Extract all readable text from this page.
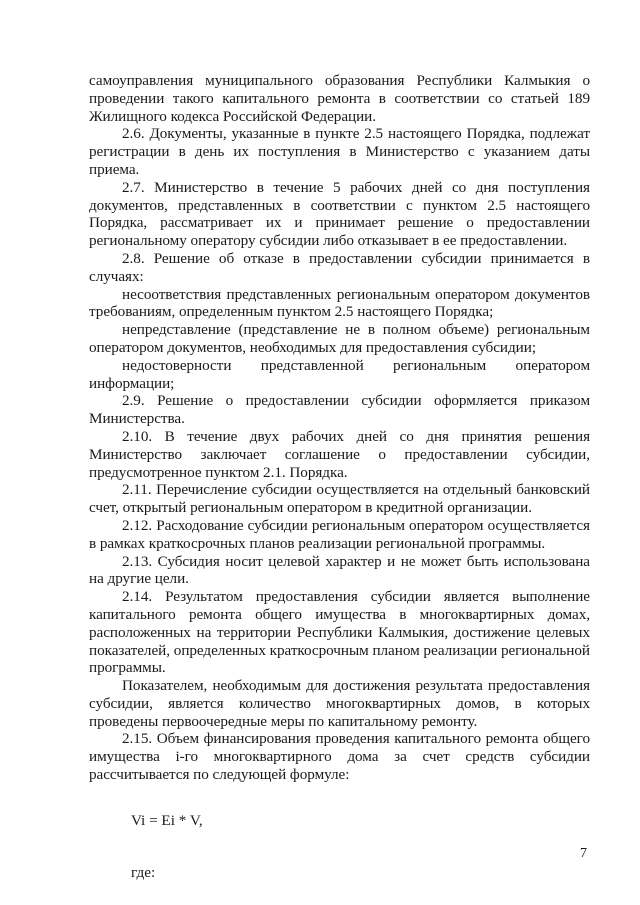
самоуправления муниципального образования Республики Калмыкия о проведении такого капитального ремонта в соответствии со статьей 189 Жилищного кодекса Российской Федерации.

2.6. Документы, указанные в пункте 2.5 настоящего Порядка, подлежат регистрации в день их поступления в Министерство с указанием даты приема.

2.7. Министерство в течение 5 рабочих дней со дня поступления документов, представленных в соответствии с пунктом 2.5 настоящего Порядка, рассматривает их и принимает решение о предоставлении региональному оператору субсидии либо отказывает в ее предоставлении.

2.8. Решение об отказе в предоставлении субсидии принимается в случаях:

несоответствия представленных региональным оператором документов требованиям, определенным пунктом 2.5 настоящего Порядка;

непредставление (представление не в полном объеме) региональным оператором документов, необходимых для предоставления субсидии;

недостоверности представленной региональным оператором информации;

2.9. Решение о предоставлении субсидии оформляется приказом Министерства.

2.10. В течение двух рабочих дней со дня принятия решения Министерство заключает соглашение о предоставлении субсидии, предусмотренное пунктом 2.1. Порядка.

2.11. Перечисление субсидии осуществляется на отдельный банковский счет, открытый региональным оператором в кредитной организации.

2.12. Расходование субсидии региональным оператором осуществляется в рамках краткосрочных планов реализации региональной программы.

2.13. Субсидия носит целевой характер и не может быть использована на другие цели.

2.14. Результатом предоставления субсидии является выполнение капитального ремонта общего имущества в многоквартирных домах, расположенных на территории Республики Калмыкия, достижение целевых показателей, определенных краткосрочным планом реализации региональной программы.

Показателем, необходимым для достижения результата предоставления субсидии, является количество многоквартирных домов, в которых проведены первоочередные меры по капитальному ремонту.

2.15. Объем финансирования проведения капитального ремонта общего имущества i-го многоквартирного дома за счет средств субсидии рассчитывается по следующей формуле:

Vi = Ei * V,
где:
7
